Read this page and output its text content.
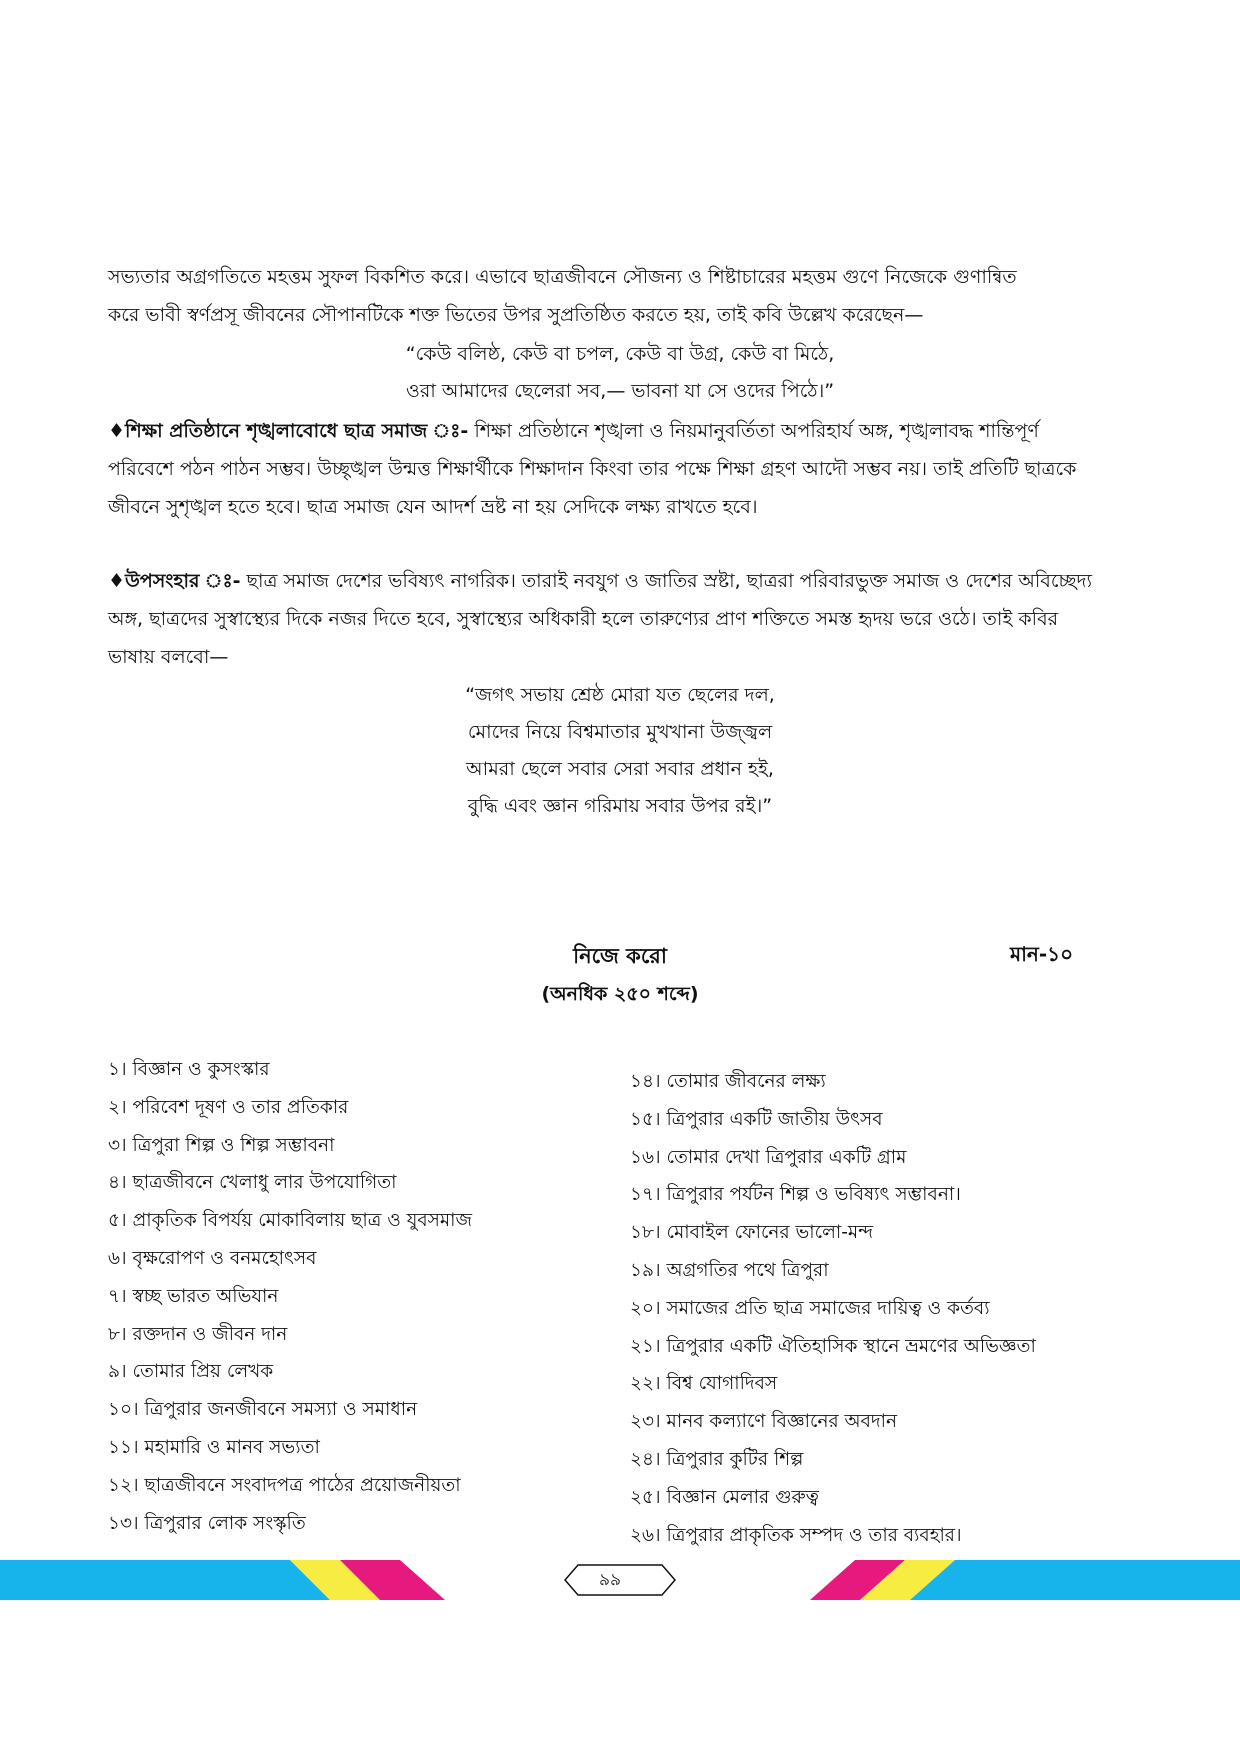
সভ্যতার অগ্রগতিতে মহত্তম সুফল বিকশিত করে। এভাবে ছাত্রজীবনে সৌজন্য ও শিষ্টাচারের মহত্তম গুণে নিজেকে গুণান্বিত
করে ভাবী স্বর্ণপ্রসূ জীবনের সৌপানটিকে শক্ত ভিতের উপর সুপ্রতিষ্ঠিত করতে হয়, তাই কবি উল্লেখ করেছেন—

“কেউ বলিষ্ঠ, কেউ বা চপল, কেউ বা উগ্র, কেউ বা মিঠে,
ওরা আমাদের ছেলেরা সব,— ভাবনা যা সে ওদের পিঠে।”

♦শিক্ষা প্রতিষ্ঠানে শৃঙ্খলাবোধে ছাত্র সমাজ ঃ- শিক্ষা প্রতিষ্ঠানে শৃঙ্খলা ও নিয়মানুবর্তিতা অপরিহার্য অঙ্গ, শৃঙ্খলাবদ্ধ শান্তিপূর্ণ পরিবেশে পঠন পাঠন সম্ভব। উচ্ছৃঙ্খল উন্মত্ত শিক্ষার্থীকে শিক্ষাদান কিংবা তার পক্ষে শিক্ষা গ্রহণ আদৌ সম্ভব নয়। তাই প্রতিটি ছাত্রকে জীবনে সুশৃঙ্খল হতে হবে। ছাত্র সমাজ যেন আদর্শ ভ্রষ্ট না হয় সেদিকে লক্ষ্য রাখতে হবে।

♦উপসংহার ঃ- ছাত্র সমাজ দেশের ভবিষ্যৎ নাগরিক। তারাই নবযুগ ও জাতির স্রষ্টা, ছাত্ররা পরিবারভুক্ত সমাজ ও দেশের অবিচ্ছেদ্য অঙ্গ, ছাত্রদের সুস্বাস্থ্যের দিকে নজর দিতে হবে, সুস্বাস্থ্যের অধিকারী হলে তারুণ্যের প্রাণ শক্তিতে সমস্ত হৃদয় ভরে ওঠে। তাই কবির ভাষায় বলবো—

“জগৎ সভায় শ্রেষ্ঠ মোরা যত ছেলের দল,
মোদের নিয়ে বিশ্বমাতার মুখখানা উজ্জ্বল
আমরা ছেলে সবার সেরা সবার প্রধান হই,
বুদ্ধি এবং জ্ঞান গরিমায় সবার উপর রই।”
নিজে করো	মান-১০
(অনধিক ২৫০ শব্দে)
১। বিজ্ঞান ও কুসংস্কার
২। পরিবেশ দূষণ ও তার প্রতিকার
৩। ত্রিপুরা শিল্প ও শিল্প সম্ভাবনা
৪। ছাত্রজীবনে খেলাধু লার উপযোগিতা
৫। প্রাকৃতিক বিপর্যয় মোকাবিলায় ছাত্র ও যুবসমাজ
৬। বৃক্ষরোপণ ও বনমহোৎসব
৭। স্বচ্ছ ভারত অভিযান
৮। রক্তদান ও জীবন দান
৯। তোমার প্রিয় লেখক
১০। ত্রিপুরার জনজীবনে সমস্যা ও সমাধান
১১। মহামারি ও মানব সভ্যতা
১২। ছাত্রজীবনে সংবাদপত্র পাঠের প্রয়োজনীয়তা
১৩। ত্রিপুরার লোক সংস্কৃতি
১৪। তোমার জীবনের লক্ষ্য
১৫। ত্রিপুরার একটি জাতীয় উৎসব
১৬। তোমার দেখা ত্রিপুরার একটি গ্রাম
১৭। ত্রিপুরার পর্যটন শিল্প ও ভবিষ্যৎ সম্ভাবনা।
১৮। মোবাইল ফোনের ভালো-মন্দ
১৯। অগ্রগতির পথে ত্রিপুরা
২০। সমাজের প্রতি ছাত্র সমাজের দায়িত্ব ও কর্তব্য
২১। ত্রিপুরার একটি ঐতিহাসিক স্থানে ভ্রমণের অভিজ্ঞতা
২২। বিশ্ব যোগাদিবস
২৩। মানব কল্যাণে বিজ্ঞানের অবদান
২৪। ত্রিপুরার কুটির শিল্প
২৫। বিজ্ঞান মেলার গুরুত্ব
২৬। ত্রিপুরার প্রাকৃতিক সম্পদ ও তার ব্যবহার।
৯৯
